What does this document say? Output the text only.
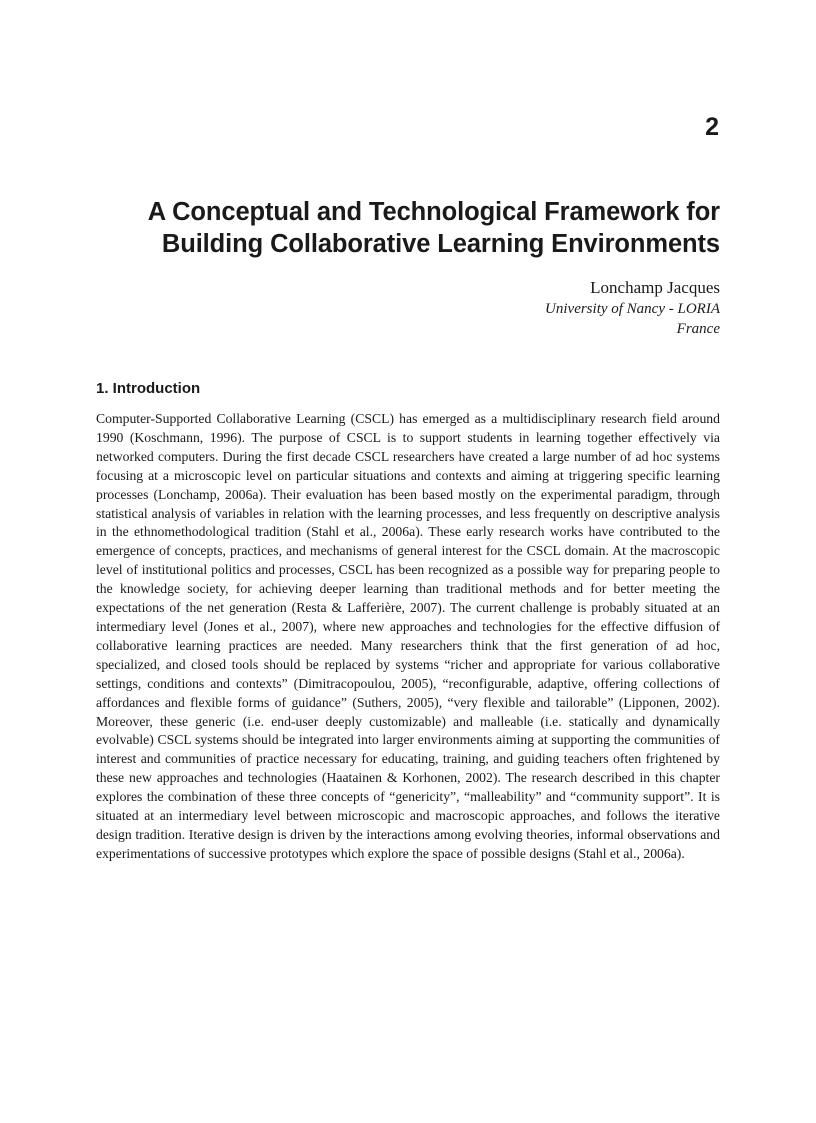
2
A Conceptual and Technological Framework for
Building Collaborative Learning Environments
Lonchamp Jacques
University of Nancy - LORIA
France
1. Introduction

Computer-Supported Collaborative Learning (CSCL) has emerged as a multidisciplinary research field around 1990 (Koschmann, 1996). The purpose of CSCL is to support students in learning together effectively via networked computers. During the first decade CSCL researchers have created a large number of ad hoc systems focusing at a microscopic level on particular situations and contexts and aiming at triggering specific learning processes (Lonchamp, 2006a). Their evaluation has been based mostly on the experimental paradigm, through statistical analysis of variables in relation with the learning processes, and less frequently on descriptive analysis in the ethnomethodological tradition (Stahl et al., 2006a). These early research works have contributed to the emergence of concepts, practices, and mechanisms of general interest for the CSCL domain. At the macroscopic level of institutional politics and processes, CSCL has been recognized as a possible way for preparing people to the knowledge society, for achieving deeper learning than traditional methods and for better meeting the expectations of the net generation (Resta & Lafferière, 2007). The current challenge is probably situated at an intermediary level (Jones et al., 2007), where new approaches and technologies for the effective diffusion of collaborative learning practices are needed. Many researchers think that the first generation of ad hoc, specialized, and closed tools should be replaced by systems “richer and appropriate for various collaborative settings, conditions and contexts” (Dimitracopoulou, 2005), “reconfigurable, adaptive, offering collections of affordances and flexible forms of guidance” (Suthers, 2005), “very flexible and tailorable” (Lipponen, 2002). Moreover, these generic (i.e. end-user deeply customizable) and malleable (i.e. statically and dynamically evolvable) CSCL systems should be integrated into larger environments aiming at supporting the communities of interest and communities of practice necessary for educating, training, and guiding teachers often frightened by these new approaches and technologies (Haatainen & Korhonen, 2002). The research described in this chapter explores the combination of these three concepts of “genericity”, “malleability” and “community support”. It is situated at an intermediary level between microscopic and macroscopic approaches, and follows the iterative design tradition. Iterative design is driven by the interactions among evolving theories, informal observations and experimentations of successive prototypes which explore the space of possible designs (Stahl et al., 2006a).
